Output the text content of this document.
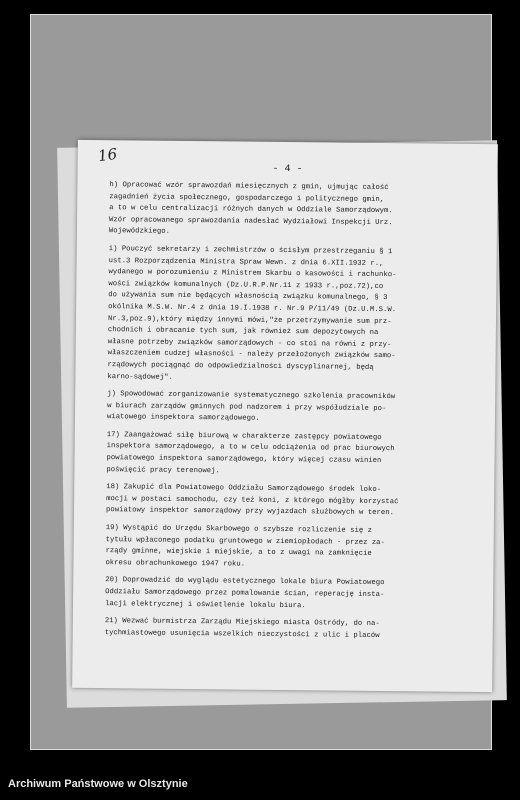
- 4 -
h) Opracować wzór sprawozdań miesięcznych z gmin, ujmując całość
zagadnień życia społecznego, gospodarczego i politycznego gmin,
a to w celu centralizacji różnych danych w Oddziale Samorządowym.
Wzór opracowanego sprawozdania nadesłać Wydziałowi Inspekcji Urz.
Wojewódzkiego.
i) Pouczyć sekretarzy i zechmistrzów o ścisłym przestrzeganiu § 1
ust.3 Rozporządzenia Ministra Spraw Wewn. z dnia 6.XII.1932 r.,
wydanego w porozumieniu z Ministrem Skarbu o kasowości i rachunko-
wości związków komunalnych (Dz.U.R.P.Nr.11 z 1933 r.,poz.72),co
do używania sum nie będących własnością związku komunalnego, § 3
okólnika M.S.W. Nr.4 z dnia 19.I.1938 r. Nr.9 P/11/49 (Dz.U.M.S.W.
Nr.3,poz.9),który między innymi mówi,"że przetrzymywanie sum prz-
chodnich i obracanie tych sum, jak również sum depozytowych na
własne potrzeby związków samorządowych - co stoi na równi z przy-
właszczeniem cudzej własności - należy przełożonych związków samo-
rządowych pociągnąć do odpowiedzialności dyscyplinarnej, będą
karno-sądowej".
j) Spowodować zorganizowanie systematycznego szkolenia pracowników
w biurach zarządów gminnych pod nadzorem i przy współudziale po-
wiatowego inspektora samorządowego.
17) Zaangażować siłę biurową w charakterze zastępcy powiatowego
inspektora samorządowego, a to w celu odciążenia od prac biurowych
powiatowego inspektora samorządowego, który więcej czasu winien
poświęcić pracy terenowej.
18) Zakupić dla Powiatowego Oddziału Samorządowego środek loko-
mocji w postaci samochodu, czy też koni, z którego mógłby korzystać
powiatowy inspektor samorządowy przy wyjazdach służbowych w teren.
19) Wystąpić do Urzędu Skarbowego o szybsze rozliczenie się z
tytułu wpłaconego podatku gruntowego w ziemiopłodach - przez za-
rządy gminne, wiejskie i miejskie, a to z uwagi na zamknięcie
okresu obrachunkowego 1947 roku.
20) Doprowadzić do wyglądu estetycznego lokale biura Powiatowego
Oddziału Samorządowego przez pomalowanie ścian, reperację insta-
lacji elektrycznej i oświetlenie lokalu biura.
21) Wezwać burmistrza Zarządu Miejskiego miasta Ostródy, do na-
tychmiastowego usunięcia wszelkich nieczystości z ulic i placów
16
Archiwum Państwowe w Olsztynie
